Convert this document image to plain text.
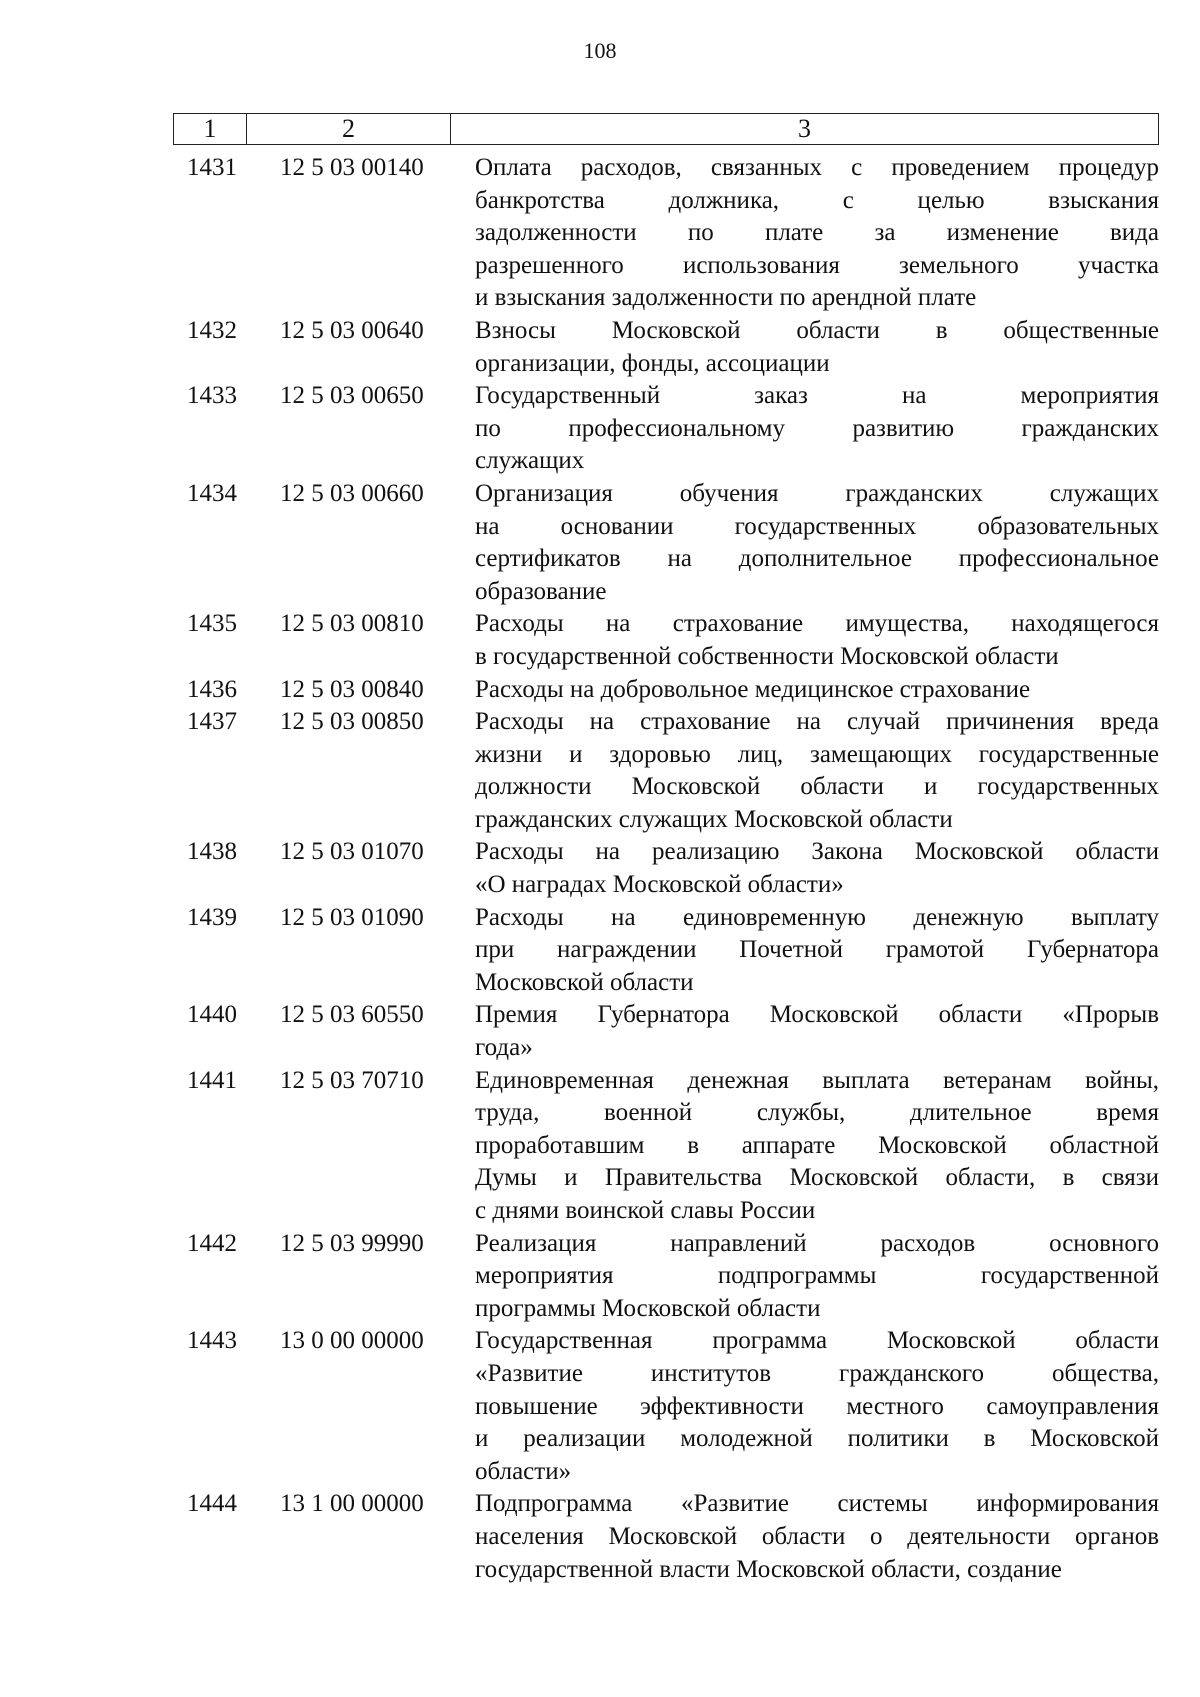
108
1	2	3
1431	12 5 03 00140	Оплата расходов, связанных с проведением процедур
банкротства должника, с целью взыскания
задолженности по плате за изменение вида
разрешенного использования земельного участка
и взыскания задолженности по арендной плате
1432	12 5 03 00640	Взносы Московской области в общественные
организации, фонды, ассоциации
1433	12 5 03 00650	Государственный заказ на мероприятия
по профессиональному развитию гражданских
служащих
1434	12 5 03 00660	Организация обучения гражданских служащих
на основании государственных образовательных
сертификатов на дополнительное профессиональное
образование
1435	12 5 03 00810	Расходы на страхование имущества, находящегося
в государственной собственности Московской области
1436	12 5 03 00840	Расходы на добровольное медицинское страхование
1437	12 5 03 00850	Расходы на страхование на случай причинения вреда
жизни и здоровью лиц, замещающих государственные
должности Московской области и государственных
гражданских служащих Московской области
1438	12 5 03 01070	Расходы на реализацию Закона Московской области
«О наградах Московской области»
1439	12 5 03 01090	Расходы на единовременную денежную выплату
при награждении Почетной грамотой Губернатора
Московской области
1440	12 5 03 60550	Премия Губернатора Московской области «Прорыв
года»
1441	12 5 03 70710	Единовременная денежная выплата ветеранам войны,
труда, военной службы, длительное время
проработавшим в аппарате Московской областной
Думы и Правительства Московской области, в связи
с днями воинской славы России
1442	12 5 03 99990	Реализация направлений расходов основного
мероприятия подпрограммы государственной
программы Московской области
1443	13 0 00 00000	Государственная программа Московской области
«Развитие институтов гражданского общества,
повышение эффективности местного самоуправления
и реализации молодежной политики в Московской
области»
1444	13 1 00 00000	Подпрограмма «Развитие системы информирования
населения Московской области о деятельности органов
государственной власти Московской области, создание
